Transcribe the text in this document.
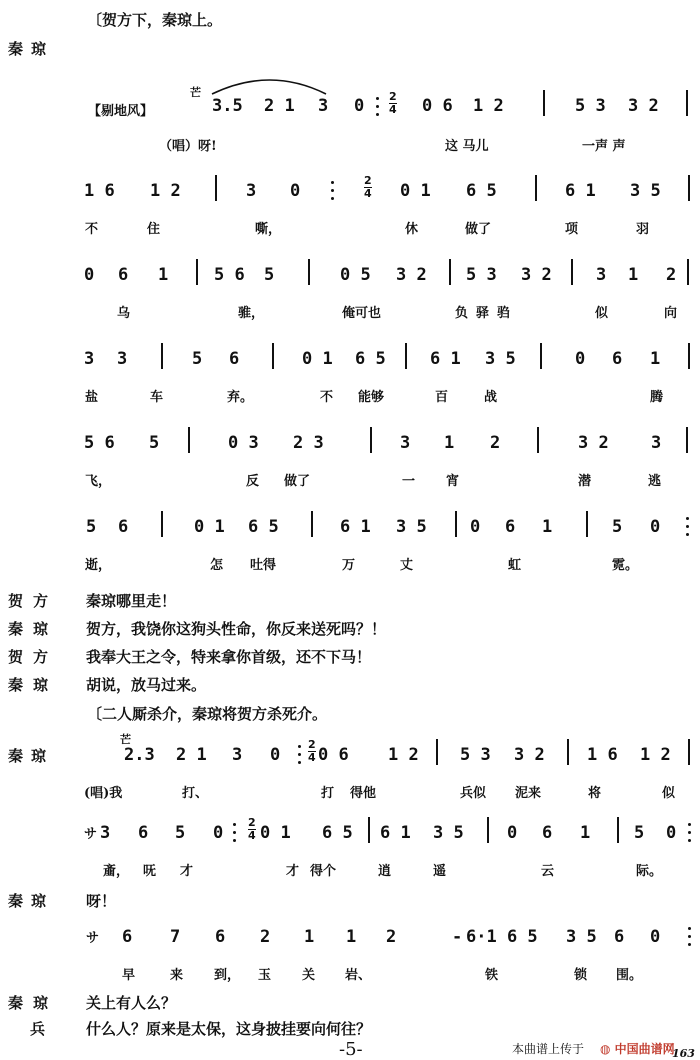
〔贺方下，秦琼上。
秦琼
【剔地风】
芒
3.5 2 1 3 0 2
4 0 6 1 2	5 3 3 2
（唱）呀!	这 马儿	一声 声
1 6 1 2	3 0
2
4 0 1 6 5	6 1 3 5
不	住	嘶，	休	做了	项	羽
0 6 1	5 6 5	0 5 3 2 5 3 3 2	3 1 2
乌	骓，	俺可也	负驿驺	似	向
3 3	5 6	0 1 6 5	6 1 3 5	0 6 1
盐	车	弃。	不 能够	百	战	腾
5 6 5	0 3 2 3	3 1 2	3 2 3
飞，	反 做了	一 宵	潜	逃
5 6	0 1 6 5	6 1 3 5	0 6 1	5 0
逝，	怎 吐得	万	丈	虹	霓。
贺方 秦琼哪里走！
秦琼 贺方，我饶你这狗头性命，你反来送死吗？！
贺方 我奉大王之令，特来拿你首级，还不下马！
秦琼 胡说，放马过来。
〔二人厮杀介，秦琼将贺方杀死介。
秦琼
芒
2.3 2 1 3 0
2
4 0 6 1 2 5 3 3 2 1 6 1 2
(唱)我	打、	打 得他	兵似 泥来	将	似
サ 3 6 5 0
2
4 0 1 6 5 6 1 3 5	0 6 1	5 0
齑， 呒 才	才 得个	逍	遥	云	际。
秦琼 呀！
サ 6 7 6 2 1 1 2	- 6·1 6 5 3 5 6 0
早	来 到， 玉 关 岩、	铁	锁 围。
秦琼 关上有人么？
兵	什么人？原来是太保，这身披挂要向何往？
-5-	本曲谱上传于 ◍ 中国曲谱网
163
